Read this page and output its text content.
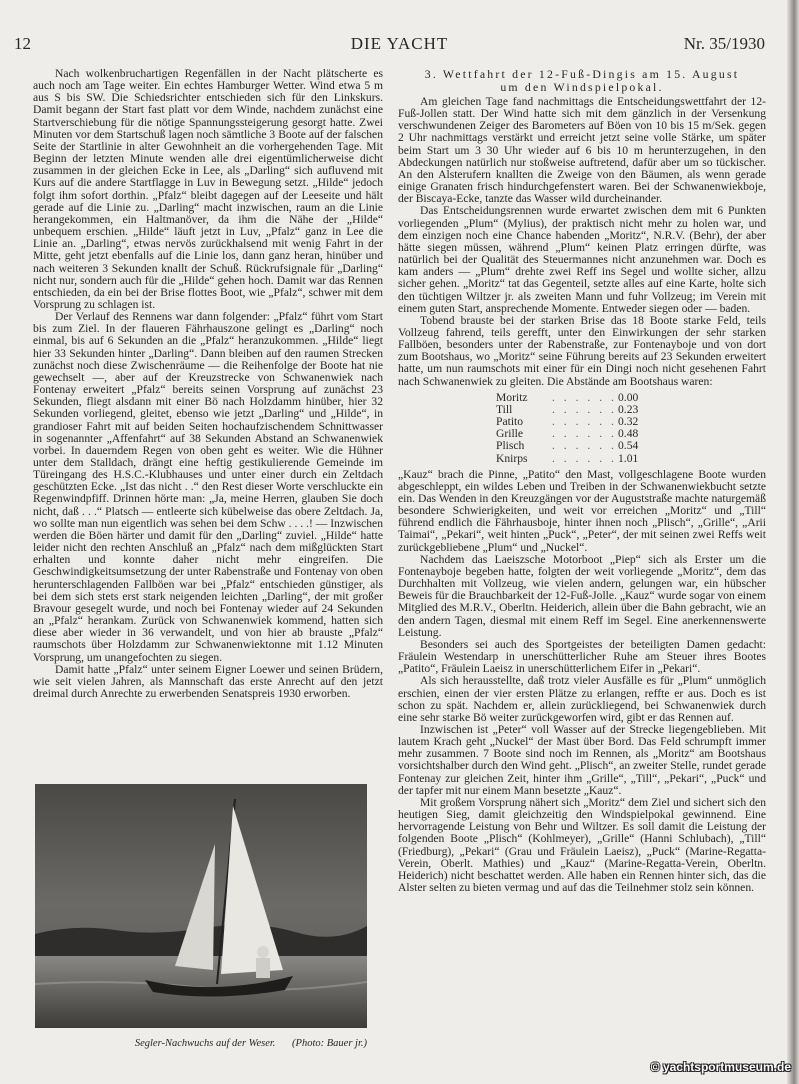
12	DIE YACHT	Nr. 35/1930

Nach wolkenbruchartigen Regenfällen in der Nacht plätscherte es auch noch am Tage weiter. Ein echtes Hamburger Wetter. Wind etwa 5 m aus S bis SW. Die Schiedsrichter entschieden sich für den Linkskurs. Damit begann der Start fast platt vor dem Winde, nachdem zunächst eine Startverschiebung für die nötige Spannungssteigerung gesorgt hatte. Zwei Minuten vor dem Startschuß lagen noch sämtliche 3 Boote auf der falschen Seite der Startlinie in alter Gewohnheit an die vorhergehenden Tage. Mit Beginn der letzten Minute wenden alle drei eigentümlicherweise dicht zusammen in der gleichen Ecke in Lee, als „Darling“ sich aufluvend mit Kurs auf die andere Startflagge in Luv in Bewegung setzt. „Hilde“ jedoch folgt ihm sofort dorthin. „Pfalz“ bleibt dagegen auf der Leeseite und hält gerade auf die Linie zu. „Darling“ macht inzwischen, raum an die Linie herangekommen, ein Haltmanöver, da ihm die Nähe der „Hilde“ unbequem erschien. „Hilde“ läuft jetzt in Luv, „Pfalz“ ganz in Lee die Linie an. „Darling“, etwas nervös zurückhalsend mit wenig Fahrt in der Mitte, geht jetzt ebenfalls auf die Linie los, dann ganz heran, hinüber und nach weiteren 3 Sekunden knallt der Schuß. Rückrufsignale für „Darling“ nicht nur, sondern auch für die „Hilde“ gehen hoch. Damit war das Rennen entschieden, da ein bei der Brise flottes Boot, wie „Pfalz“, schwer mit dem Vorsprung zu schlagen ist.

Der Verlauf des Rennens war dann folgender: „Pfalz“ führt vom Start bis zum Ziel. In der flaueren Fährhauszone gelingt es „Darling“ noch einmal, bis auf 6 Sekunden an die „Pfalz“ heranzukommen. „Hilde“ liegt hier 33 Sekunden hinter „Darling“. Dann bleiben auf den raumen Strecken zunächst noch diese Zwischenräume — die Reihenfolge der Boote hat nie gewechselt —, aber auf der Kreuzstrecke von Schwanenwiek nach Fontenay erweitert „Pfalz“ bereits seinen Vorsprung auf zunächst 23 Sekunden, fliegt alsdann mit einer Bö nach Holzdamm hinüber, hier 32 Sekunden vorliegend, gleitet, ebenso wie jetzt „Darling“ und „Hilde“, in grandioser Fahrt mit auf beiden Seiten hochaufzischendem Schnittwasser in sogenannter „Affenfahrt“ auf 38 Sekunden Abstand an Schwanenwiek vorbei. In dauerndem Regen von oben geht es weiter. Wie die Hühner unter dem Stalldach, drängt eine heftig gestikulierende Gemeinde im Türeingang des H.S.C.-Klubhauses und unter einer durch ein Zeltdach geschützten Ecke. „Ist das nicht . .“ den Rest dieser Worte verschluckte ein Regenwindpfiff. Drinnen hörte man: „Ja, meine Herren, glauben Sie doch nicht, daß . . .“ Platsch — entleerte sich kübelweise das obere Zeltdach. Ja, wo sollte man nun eigentlich was sehen bei dem Schw . . . .! — Inzwischen werden die Böen härter und damit für den „Darling“ zuviel. „Hilde“ hatte leider nicht den rechten Anschluß an „Pfalz“ nach dem mißglückten Start erhalten und konnte daher nicht mehr eingreifen. Die Geschwindigkeitsumsetzung der unter Rabenstraße und Fontenay von oben herunterschlagenden Fallböen war bei „Pfalz“ entschieden günstiger, als bei dem sich stets erst stark neigenden leichten „Darling“, der mit großer Bravour gesegelt wurde, und noch bei Fontenay wieder auf 24 Sekunden an „Pfalz“ herankam. Zurück von Schwanenwiek kommend, hatten sich diese aber wieder in 36 verwandelt, und von hier ab brauste „Pfalz“ raumschots über Holzdamm zur Schwanenwiektonne mit 1.12 Minuten Vorsprung, um unangefochten zu siegen.

Damit hatte „Pfalz“ unter seinem Eigner Loewer und seinen Brüdern, wie seit vielen Jahren, als Mannschaft das erste Anrecht auf den jetzt dreimal durch Anrechte zu erwerbenden Senatspreis 1930 erworben.

Segler-Nachwuchs auf der Weser. (Photo: Bauer jr.)
3. Wettfahrt der 12-Fuß-Dingis am 15. August
um den Windspielpokal.

Am gleichen Tage fand nachmittags die Entscheidungswettfahrt der 12-Fuß-Jollen statt. Der Wind hatte sich mit dem gänzlich in der Versenkung verschwundenen Zeiger des Barometers auf Böen von 10 bis 15 m/Sek. gegen 2 Uhr nachmittags verstärkt und erreicht jetzt seine volle Stärke, um später beim Start um 3 30 Uhr wieder auf 6 bis 10 m herunterzugehen, in den Abdeckungen natürlich nur stoßweise auftretend, dafür aber um so tückischer. An den Alsterufern knallten die Zweige von den Bäumen, als wenn gerade einige Granaten frisch hindurchgefenstert waren. Bei der Schwanenwiekboje, der Biscaya-Ecke, tanzte das Wasser wild durcheinander.

Das Entscheidungsrennen wurde erwartet zwischen dem mit 6 Punkten vorliegenden „Plum“ (Mylius), der praktisch nicht mehr zu holen war, und dem einzigen noch eine Chance habenden „Moritz“, N.R.V. (Behr), der aber hätte siegen müssen, während „Plum“ keinen Platz erringen dürfte, was natürlich bei der Qualität des Steuermannes nicht anzunehmen war. Doch es kam anders — „Plum“ drehte zwei Reff ins Segel und wollte sicher, allzu sicher gehen. „Moritz“ tat das Gegenteil, setzte alles auf eine Karte, holte sich den tüchtigen Wiltzer jr. als zweiten Mann und fuhr Vollzeug; im Verein mit einem guten Start, ansprechende Momente. Entweder siegen oder — baden.

Tobend brauste bei der starken Brise das 18 Boote starke Feld, teils Vollzeug fahrend, teils gerefft, unter den Einwirkungen der sehr starken Fallböen, besonders unter der Rabenstraße, zur Fontenayboje und von dort zum Bootshaus, wo „Moritz“ seine Führung bereits auf 23 Sekunden erweitert hatte, um nun raumschots mit einer für ein Dingi noch nicht gesehenen Fahrt nach Schwanenwiek zu gleiten. Die Abstände am Bootshaus waren:

Moritz	. . . . . .	0.00
Till	. . . . . .	0.23
Patito	. . . . . .	0.32
Grille	. . . . . .	0.48
Plisch	. . . . . .	0.54
Knirps	. . . . . .	1.01

„Kauz“ brach die Pinne, „Patito“ den Mast, vollgeschlagene Boote wurden abgeschleppt, ein wildes Leben und Treiben in der Schwanenwiekbucht setzte ein. Das Wenden in den Kreuzgängen vor der Auguststraße machte naturgemäß besondere Schwierigkeiten, und weit vor erreichen „Moritz“ und „Till“ führend endlich die Fährhausboje, hinter ihnen noch „Plisch“, „Grille“, „Arii Taimai“, „Pekari“, weit hinten „Puck“, „Peter“, der mit seinen zwei Reffs weit zurückgebliebene „Plum“ und „Nuckel“.

Nachdem das Laeiszsche Motorboot „Piep“ sich als Erster um die Fontenayboje begeben hatte, folgten der weit vorliegende „Moritz“, dem das Durchhalten mit Vollzeug, wie vielen andern, gelungen war, ein hübscher Beweis für die Brauchbarkeit der 12-Fuß-Jolle. „Kauz“ wurde sogar von einem Mitglied des M.R.V., Oberltn. Heiderich, allein über die Bahn gebracht, wie an den andern Tagen, diesmal mit einem Reff im Segel. Eine anerkennenswerte Leistung.

Besonders sei auch des Sportgeistes der beteiligten Damen gedacht: Fräulein Westendarp in unerschütterlicher Ruhe am Steuer ihres Bootes „Patito“, Fräulein Laeisz in unerschütterlichem Eifer in „Pekari“.

Als sich herausstellte, daß trotz vieler Ausfälle es für „Plum“ unmöglich erschien, einen der vier ersten Plätze zu erlangen, reffte er aus. Doch es ist schon zu spät. Nachdem er, allein zurückliegend, bei Schwanenwiek durch eine sehr starke Bö weiter zurückgeworfen wird, gibt er das Rennen auf.

Inzwischen ist „Peter“ voll Wasser auf der Strecke liegengeblieben. Mit lautem Krach geht „Nuckel“ der Mast über Bord. Das Feld schrumpft immer mehr zusammen. 7 Boote sind noch im Rennen, als „Moritz“ am Bootshaus vorsichtshalber durch den Wind geht. „Plisch“, an zweiter Stelle, rundet gerade Fontenay zur gleichen Zeit, hinter ihm „Grille“, „Till“, „Pekari“, „Puck“ und der tapfer mit nur einem Mann besetzte „Kauz“.

Mit großem Vorsprung nähert sich „Moritz“ dem Ziel und sichert sich den heutigen Sieg, damit gleichzeitig den Windspielpokal gewinnend. Eine hervorragende Leistung von Behr und Wiltzer. Es soll damit die Leistung der folgenden Boote „Plisch“ (Kohlmeyer), „Grille“ (Hanni Schlubach), „Till“ (Friedburg), „Pekari“ (Grau und Fräulein Laeisz), „Puck“ (Marine-Regatta-Verein, Oberlt. Mathies) und „Kauz“ (Marine-Regatta-Verein, Oberltn. Heiderich) nicht beschattet werden. Alle haben ein Rennen hinter sich, das die Alster selten zu bieten vermag und auf das die Teilnehmer stolz sein können.

© yachtsportmuseum.de
